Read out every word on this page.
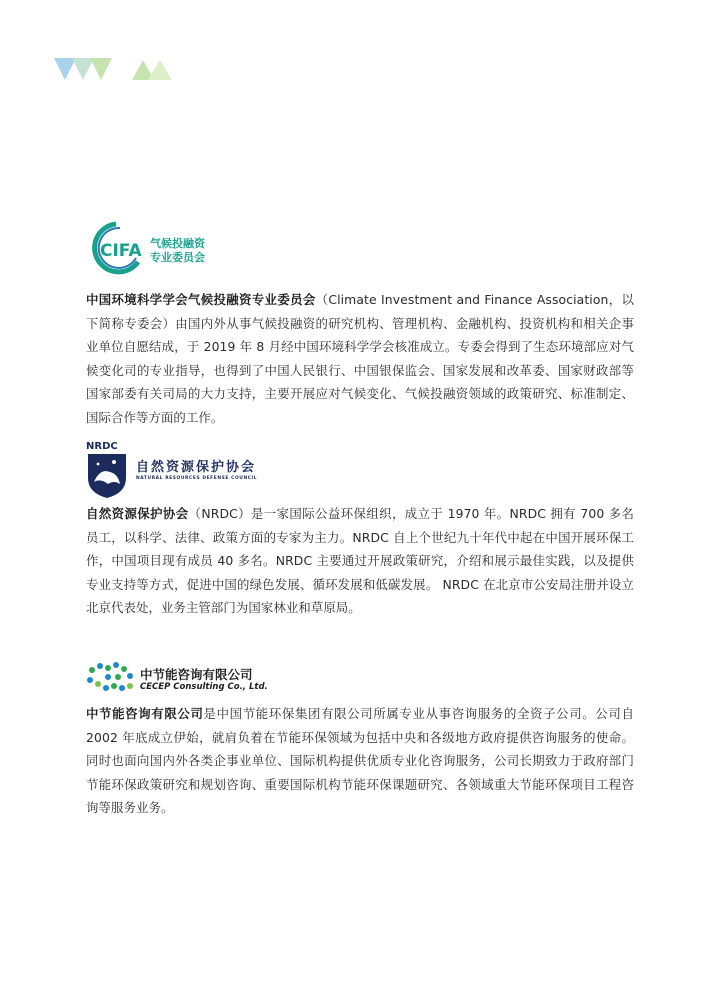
CIFA 气候投融资
专业委员会

中国环境科学学会气候投融资专业委员会（Climate Investment and Finance Association，以下简称专委会）由国内外从事气候投融资的研究机构、管理机构、金融机构、投资机构和相关企事业单位自愿结成，于 2019 年 8 月经中国环境科学学会核准成立。专委会得到了生态环境部应对气候变化司的专业指导，也得到了中国人民银行、中国银保监会、国家发展和改革委、国家财政部等国家部委有关司局的大力支持，主要开展应对气候变化、气候投融资领域的政策研究、标准制定、国际合作等方面的工作。

NRDC
自然资源保护协会
NATURAL RESOURCES DEFENSE COUNCIL

自然资源保护协会（NRDC）是一家国际公益环保组织，成立于 1970 年。NRDC 拥有 700 多名员工，以科学、法律、政策方面的专家为主力。NRDC 自上个世纪九十年代中起在中国开展环保工作，中国项目现有成员 40 多名。NRDC 主要通过开展政策研究，介绍和展示最佳实践，以及提供专业支持等方式，促进中国的绿色发展、循环发展和低碳发展。 NRDC 在北京市公安局注册并设立北京代表处，业务主管部门为国家林业和草原局。

中节能咨询有限公司
CECEP Consulting Co., Ltd.

中节能咨询有限公司是中国节能环保集团有限公司所属专业从事咨询服务的全资子公司。公司自 2002 年底成立伊始，就肩负着在节能环保领域为包括中央和各级地方政府提供咨询服务的使命。同时也面向国内外各类企事业单位、国际机构提供优质专业化咨询服务，公司长期致力于政府部门节能环保政策研究和规划咨询、重要国际机构节能环保课题研究、各领域重大节能环保项目工程咨询等服务业务。
